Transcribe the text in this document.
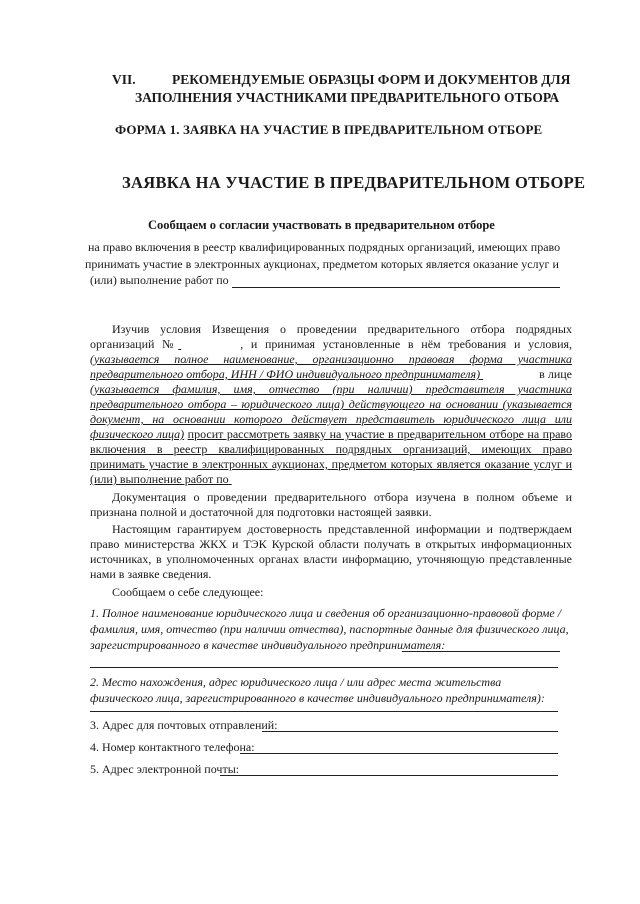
VII.	РЕКОМЕНДУЕМЫЕ ОБРАЗЦЫ ФОРМ И ДОКУМЕНТОВ ДЛЯ
ЗАПОЛНЕНИЯ УЧАСТНИКАМИ ПРЕДВАРИТЕЛЬНОГО ОТБОРА
ФОРМА 1. ЗАЯВКА НА УЧАСТИЕ В ПРЕДВАРИТЕЛЬНОМ ОТБОРЕ
ЗАЯВКА НА УЧАСТИЕ В ПРЕДВАРИТЕЛЬНОМ ОТБОРЕ
Сообщаем о согласии участвовать в предварительном отборе
на право включения в реестр квалифицированных подрядных организаций, имеющих право
принимать участие в электронных аукционах, предметом которых является оказание услуг и
(или) выполнение работ по
Изучив условия Извещения о проведении предварительного отбора подрядных
организаций №	, и принимая установленные в нём требования и условия,
(указывается полное наименование, организационно правовая форма участника
предварительного отбора, ИНН / ФИО индивидуального предпринимателя)	в лице
(указывается фамилия, имя, отчество (при наличии) представителя участника
предварительного отбора – юридического лица) действующего на основании (указывается
документ, на основании которого действует представитель юридического лица или
физического лица) просит рассмотреть заявку на участие в предварительном отборе на право
включения в реестр квалифицированных подрядных организаций, имеющих право
принимать участие в электронных аукционах, предметом которых является оказание услуг и
(или) выполнение работ по
Документация о проведении предварительного отбора изучена в полном объеме и
признана полной и достаточной для подготовки настоящей заявки.
Настоящим гарантируем достоверность представленной информации и подтверждаем
право министерства ЖКХ и ТЭК Курской области получать в открытых информационных
источниках, в уполномоченных органах власти информацию, уточняющую представленные
нами в заявке сведения.
Сообщаем о себе следующее:
1. Полное наименование юридического лица и сведения об организационно-правовой форме /
фамилия, имя, отчество (при наличии отчества), паспортные данные для физического лица,
зарегистрированного в качестве индивидуального предпринимателя:
2. Место нахождения, адрес юридического лица / или адрес места жительства
физического лица, зарегистрированного в качестве индивидуального предпринимателя):
3. Адрес для почтовых отправлений:
4. Номер контактного телефона:
5. Адрес электронной почты:
